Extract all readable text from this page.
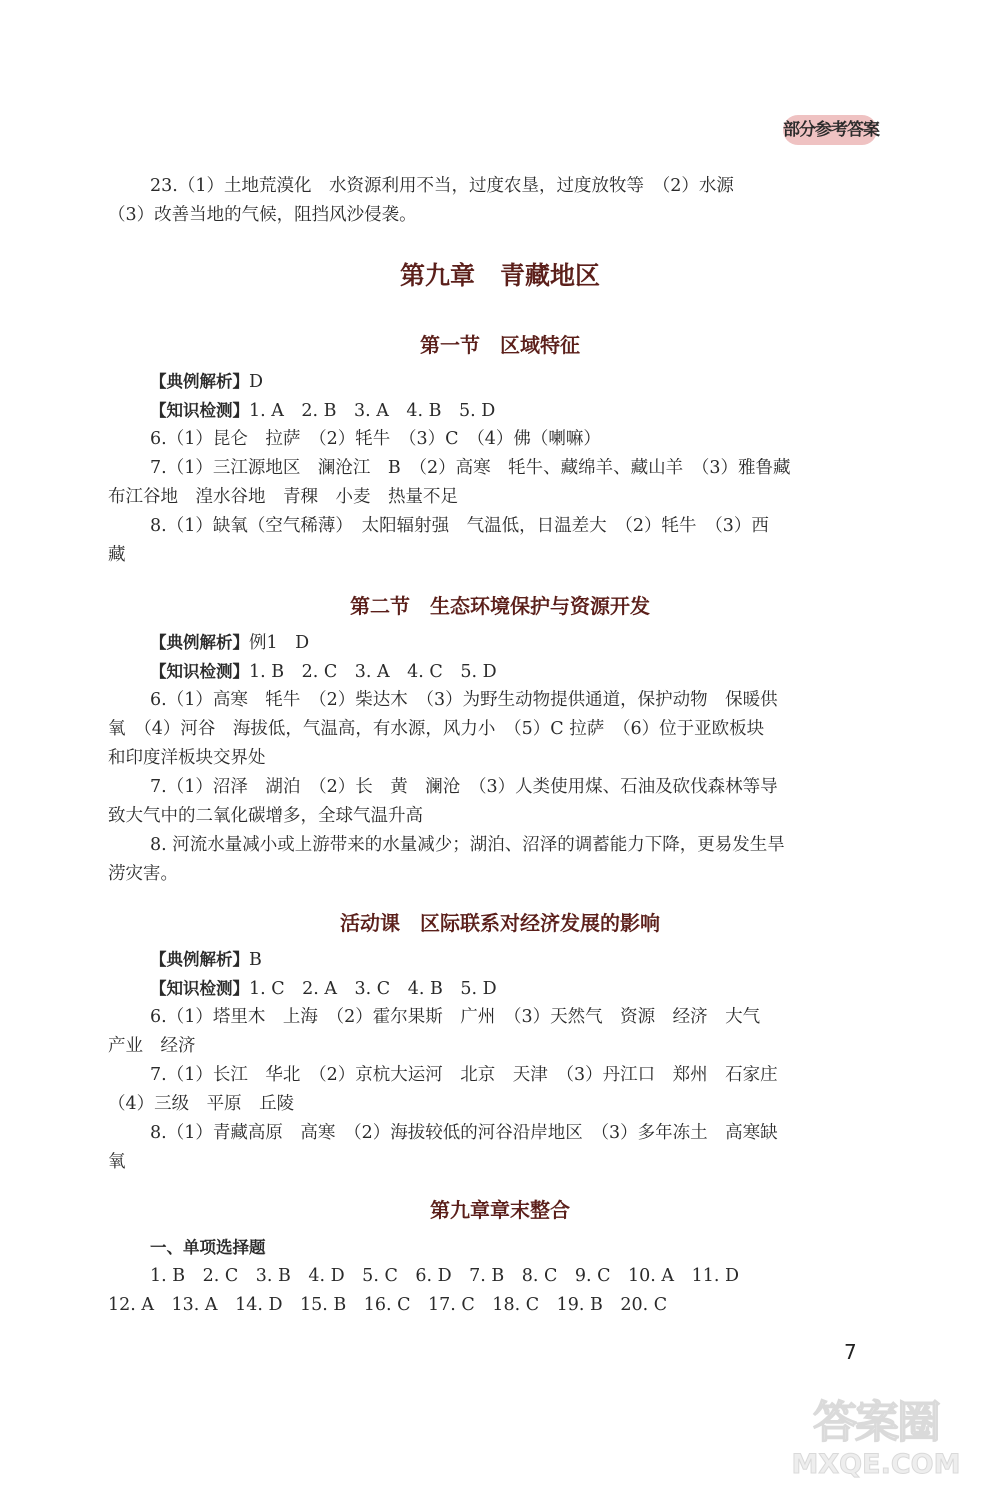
部分参考答案
23.（1）土地荒漠化　水资源利用不当，过度农垦，过度放牧等　（2）水源
（3）改善当地的气候，阻挡风沙侵袭。
第九章　青藏地区
第一节　区域特征
【典例解析】D
【知识检测】1. A　2. B　3. A　4. B　5. D
6.（1）昆仑　拉萨　（2）牦牛　（3）C　（4）佛（喇嘛）
7.（1）三江源地区　澜沧江　B　（2）高寒　牦牛、藏绵羊、藏山羊　（3）雅鲁藏
布江谷地　湟水谷地　青稞　小麦　热量不足
8.（1）缺氧（空气稀薄）　太阳辐射强　气温低，日温差大　（2）牦牛　（3）西
藏
第二节　生态环境保护与资源开发
【典例解析】例1　D
【知识检测】1. B　2. C　3. A　4. C　5. D
6.（1）高寒　牦牛　（2）柴达木　（3）为野生动物提供通道，保护动物　保暖供
氧　（4）河谷　海拔低，气温高，有水源，风力小　（5）C 拉萨　（6）位于亚欧板块
和印度洋板块交界处
7.（1）沼泽　湖泊　（2）长　黄　澜沧　（3）人类使用煤、石油及砍伐森林等导
致大气中的二氧化碳增多，全球气温升高
8. 河流水量减小或上游带来的水量减少；湖泊、沼泽的调蓄能力下降，更易发生旱
涝灾害。
活动课　区际联系对经济发展的影响
【典例解析】B
【知识检测】1. C　2. A　3. C　4. B　5. D
6.（1）塔里木　上海　（2）霍尔果斯　广州　（3）天然气　资源　经济　大气
产业　经济
7.（1）长江　华北　（2）京杭大运河　北京　天津　（3）丹江口　郑州　石家庄
（4）三级　平原　丘陵
8.（1）青藏高原　高寒　（2）海拔较低的河谷沿岸地区　（3）多年冻土　高寒缺
氧
第九章章末整合
一、单项选择题
1. B　2. C　3. B　4. D　5. C　6. D　7. B　8. C　9. C　10. A　11. D
12. A　13. A　14. D　15. B　16. C　17. C　18. C　19. B　20. C
7
答案圈
MXQE.COM
